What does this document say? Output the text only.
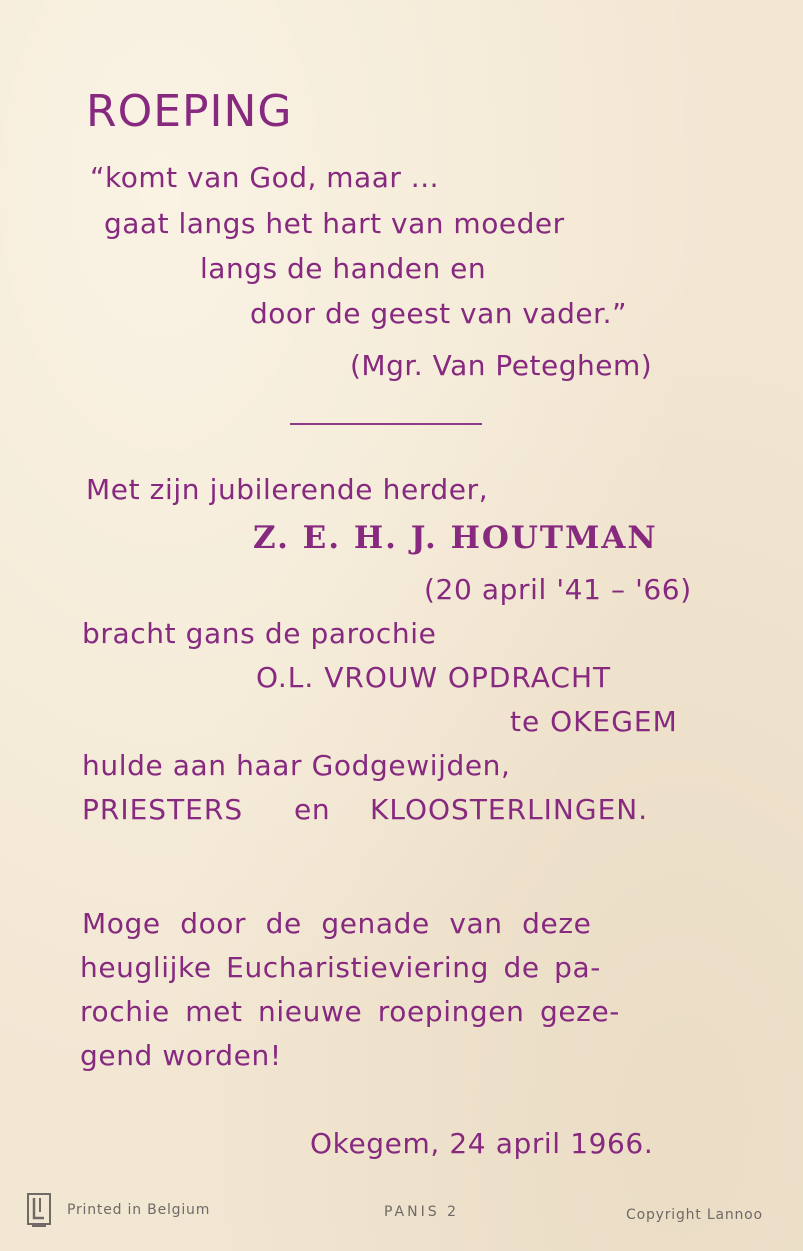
ROEPING
“komt van God, maar ...
gaat langs het hart van moeder
langs de handen en
door de geest van vader.”
(Mgr. Van Peteghem)
Met zijn jubilerende herder,
Z. E. H. J. HOUTMAN
(20 april '41 – '66)
bracht gans de parochie
O.L. VROUW OPDRACHT
te OKEGEM
hulde aan haar Godgewijden,
PRIESTERS en KLOOSTERLINGEN.
Moge door de genade van deze
heuglijke Eucharistieviering de pa-
rochie met nieuwe roepingen geze-
gend worden!
Okegem, 24 april 1966.
Printed in Belgium	PANIS 2	Copyright Lannoo
